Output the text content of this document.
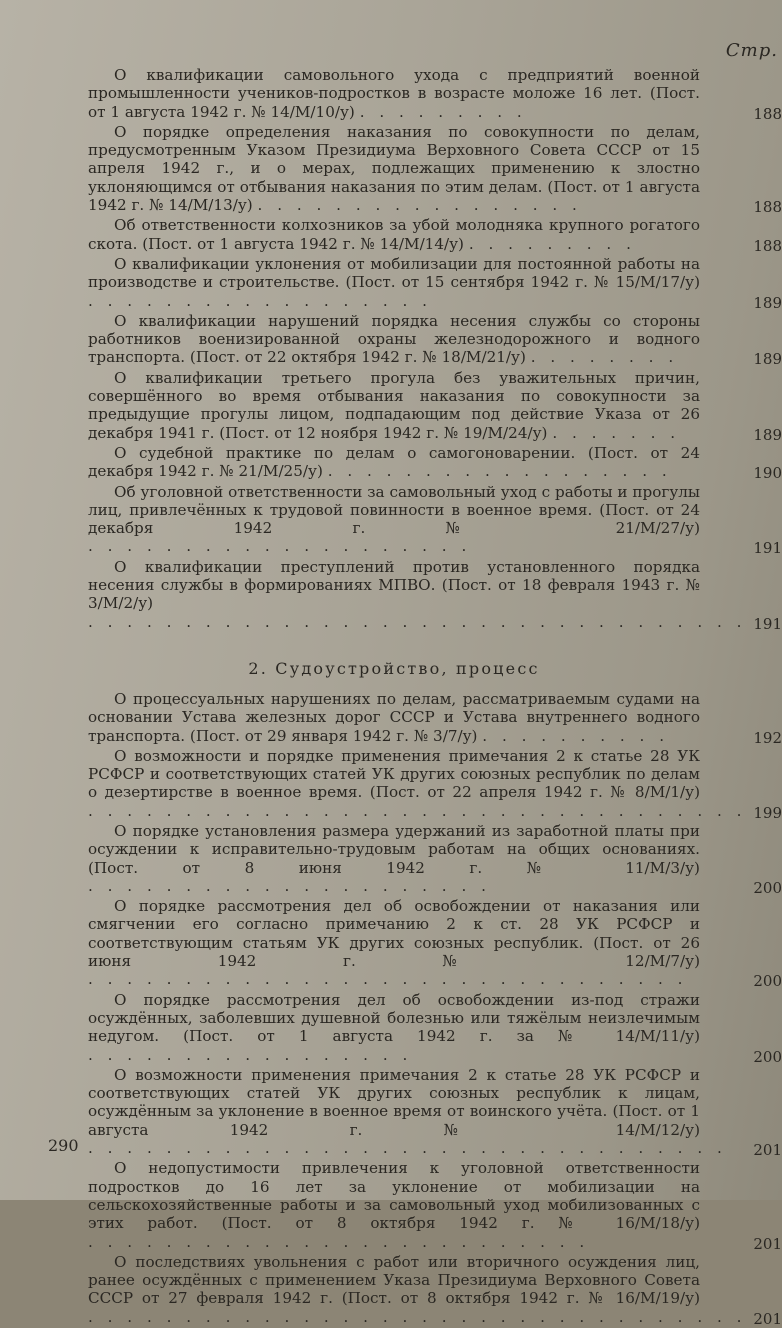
Стр.

О квалификации самовольного ухода с предприятий военной промышленности учеников-подростков в возрасте моложе 16 лет. (Пост. от 1 августа 1942 г. № 14/М/10/у) . . . . . . . . .	188

О порядке определения наказания по совокупности по делам, предусмотренным Указом Президиума Верховного Совета СССР от 15 апреля 1942 г., и о мерах, подлежащих применению к злостно уклоняющимся от отбывания наказания по этим делам. (Пост. от 1 августа 1942 г. № 14/М/13/у) . . . . . . . . . . . . . . . . .	188

Об ответственности колхозников за убой молодняка крупного рогатого скота. (Пост. от 1 августа 1942 г. № 14/М/14/у) . . . . . . . . .	188

О квалификации уклонения от мобилизации для постоянной работы на производстве и строительстве. (Пост. от 15 сентября 1942 г. № 15/М/17/у) . . . . . . . . . . . . . . . . . .	189

О квалификации нарушений порядка несения службы со стороны работников военизированной охраны железнодорожного и водного транспорта. (Пост. от 22 октября 1942 г. № 18/М/21/у) . . . . . . . .	189

О квалификации третьего прогула без уважительных причин, совершённого во время отбывания наказания по совокупности за предыдущие прогулы лицом, подпадающим под действие Указа от 26 декабря 1941 г. (Пост. от 12 ноября 1942 г. № 19/М/24/у) . . . . . . .	189

О судебной практике по делам о самогоноварении. (Пост. от 24 декабря 1942 г. № 21/М/25/у) . . . . . . . . . . . . . . . . . .	190

Об уголовной ответственности за самовольный уход с работы и прогулы лиц, привлечённых к трудовой повинности в военное время. (Пост. от 24 декабря 1942 г. № 21/М/27/у) . . . . . . . . . . . . . . . . . . . .	191

О квалификации преступлений против установленного порядка несения службы в формированиях МПВО. (Пост. от 18 февраля 1943 г. № 3/М/2/у) . . . . . . . . . . . . . . . . . . . . . . . . . . . . . . . . . . 191

2. Судоустройство, процесс

О процессуальных нарушениях по делам, рассматриваемым судами на основании Устава железных дорог СССР и Устава внутреннего водного транспорта. (Пост. от 29 января 1942 г. № 3/7/у) . . . . . . . . . .	192

О возможности и порядке применения примечания 2 к статье 28 УК РСФСР и соответствующих статей УК других союзных республик по делам о дезертирстве в военное время. (Пост. от 22 апреля 1942 г. № 8/М/1/у) . . . . . . . . . . . . . . . . . . . . . . . . . . . . . . . . . . 199

О порядке установления размера удержаний из заработной платы при осуждении к исправительно-трудовым работам на общих основаниях. (Пост. от 8 июня 1942 г. № 11/М/3/у) . . . . . . . . . . . . . . . . . . . . .	200

О порядке рассмотрения дел об освобождении от наказания или смягчении его согласно примечанию 2 к ст. 28 УК РСФСР и соответствующим статьям УК других союзных республик. (Пост. от 26 июня 1942 г. № 12/М/7/у) . . . . . . . . . . . . . . . . . . . . . . . . . . . . . . .	200

О порядке рассмотрения дел об освобождении из-под стражи осуждённых, заболевших душевной болезнью или тяжёлым неизлечимым недугом. (Пост. от 1 августа 1942 г. за № 14/М/11/у) . . . . . . . . . . . . . . . . .	200

О возможности применения примечания 2 к статье 28 УК РСФСР и соответствующих статей УК других союзных республик к лицам, осуждённым за уклонение в военное время от воинского учёта. (Пост. от 1 августа 1942 г. № 14/М/12/у) . . . . . . . . . . . . . . . . . . . . . . . . . . . . . . . . .	201

О недопустимости привлечения к уголовной ответственности подростков до 16 лет за уклонение от мобилизации на сельскохозяйственные работы и за самовольный уход мобилизованных с этих работ. (Пост. от 8 октября 1942 г. № 16/М/18/у) . . . . . . . . . . . . . . . . . . . . . . . . . .	201

О последствиях увольнения с работ или вторичного осуждения лиц, ранее осуждённых с применением Указа Президиума Верховного Совета СССР от 27 февраля 1942 г. (Пост. от 8 октября 1942 г. № 16/М/19/у) . . . . . . . . . . . . . . . . . . . . . . . . . . . . . . . . . . 201

290
